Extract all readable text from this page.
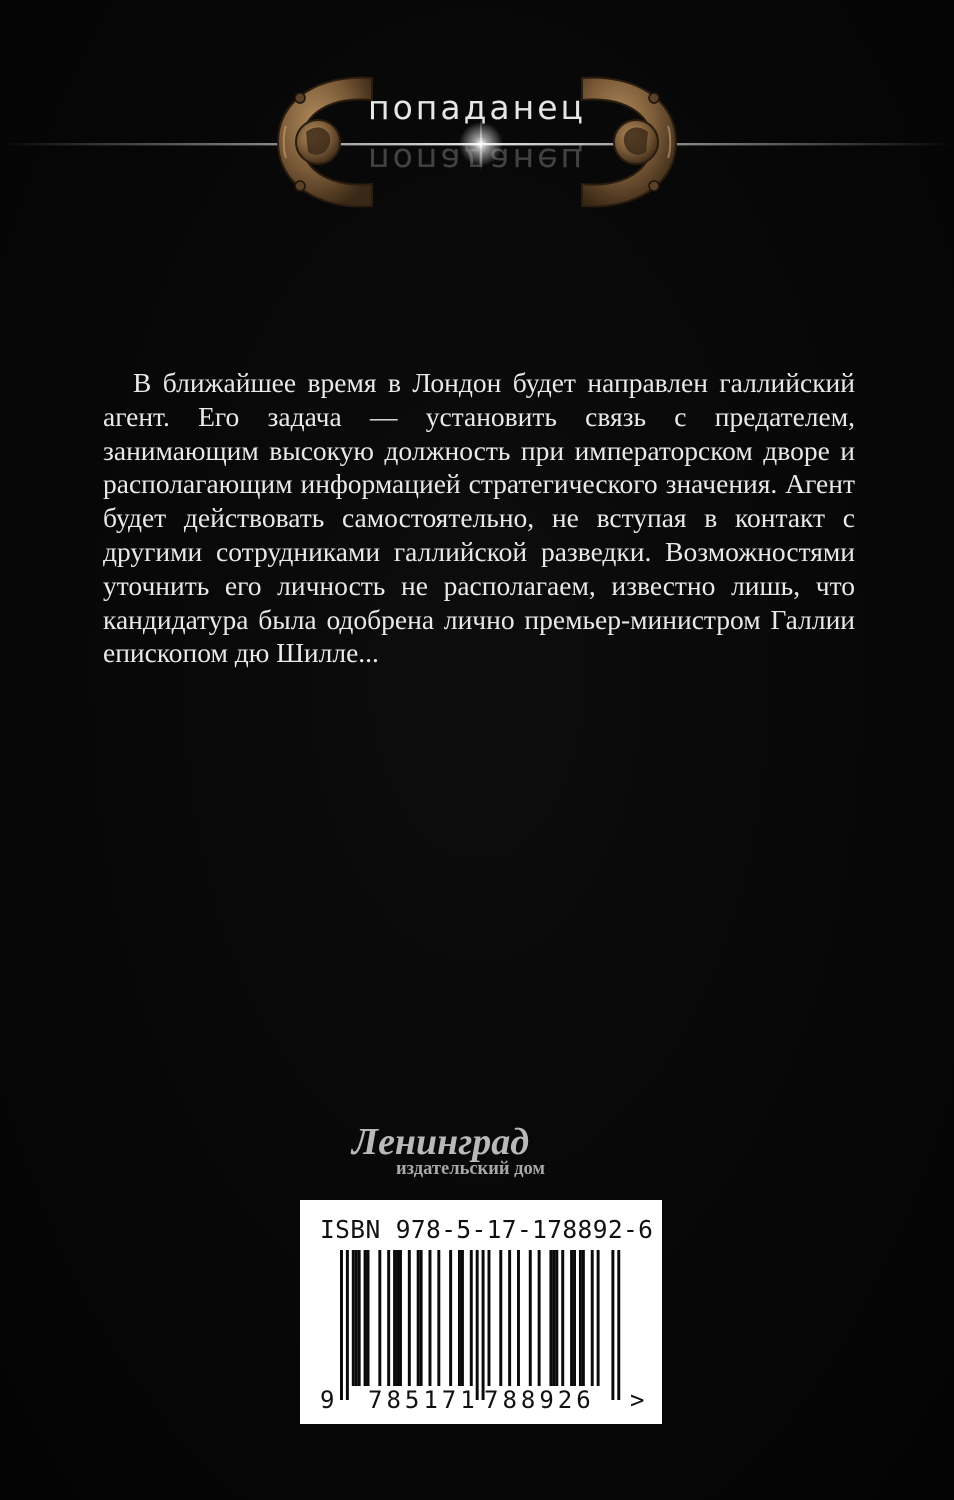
попаданец
попаданец

В ближайшее время в Лондон будет направлен галлийский агент. Его задача — установить связь с предателем, занимающим высокую должность при императорском дворе и располагающим информацией стратегического значения. Агент будет действовать самостоятельно, не вступая в контакт с другими сотрудниками галлийской разведки. Возможностями уточнить его личность не располагаем, известно лишь, что кандидатура была одобрена лично премьер-министром Галлии епископом дю Шилле...

Ленинград
издательский дом
ISBN 978-5-17-178892-6
9 785171 788926 >
